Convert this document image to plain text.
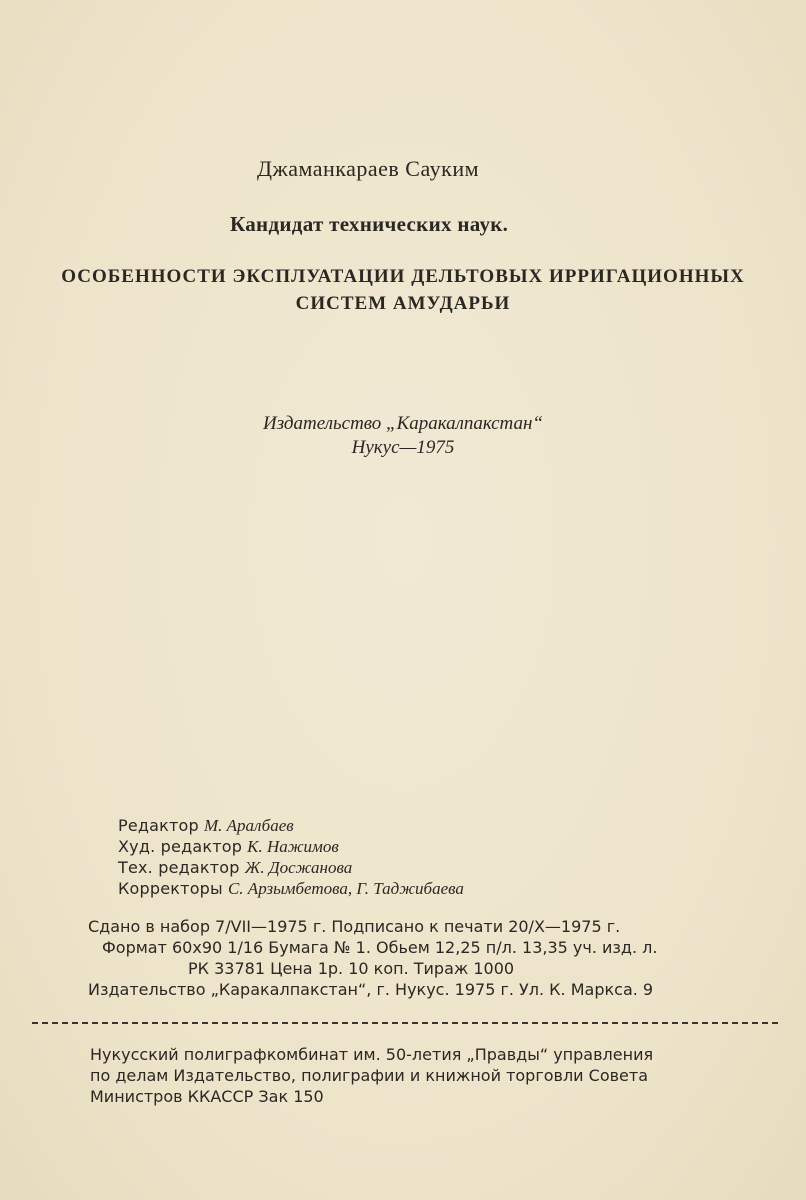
Джаманкараев Сауким
Кандидат технических наук.
ОСОБЕННОСТИ ЭКСПЛУАТАЦИИ ДЕЛЬТОВЫХ ИРРИГАЦИОННЫХ
СИСТЕМ АМУДАРЬИ
Издательство „Каракалпакстан“
Нукус—1975
Редактор М. Аралбаев
Худ. редактор К. Нажимов
Тех. редактор Ж. Досжанова
Корректоры С. Арзымбетова, Г. Таджибаева
Сдано в набор 7/VII—1975 г. Подписано к печати 20/X—1975 г.
Формат 60х90 1/16 Бумага № 1. Обьем 12,25 п/л. 13,35 уч. изд. л.
РК 33781 Цена 1р. 10 коп. Тираж 1000
Издательство „Каракалпакстан“, г. Нукус. 1975 г. Ул. К. Маркса. 9
Нукусский полиграфкомбинат им. 50-летия „Правды“ управления
по делам Издательство, полиграфии и книжной торговли Совета
Министров ККАССР Зак 150
